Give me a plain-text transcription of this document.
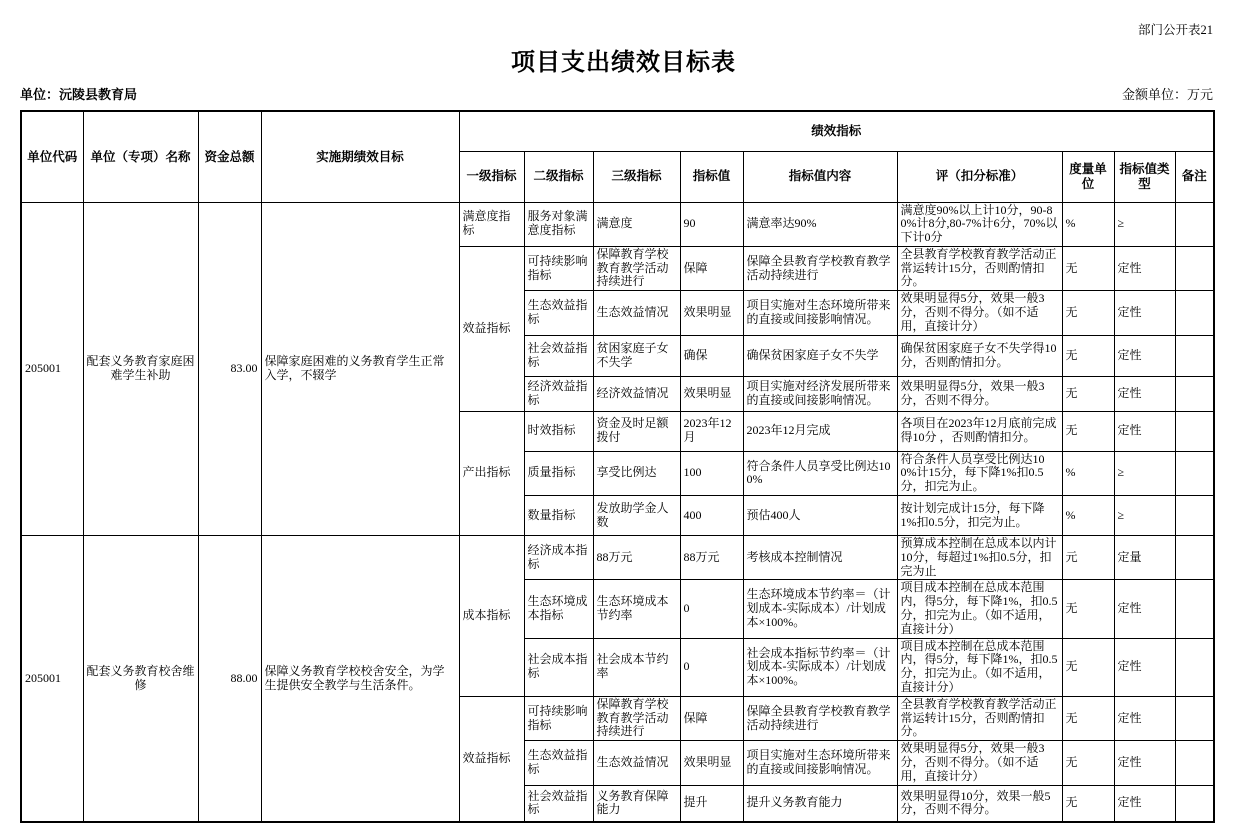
部门公开表21
项目支出绩效目标表
单位：沅陵县教育局	金额单位：万元
单位代码	单位（专项）名称	资金总额	实施期绩效目标	绩效指标								
				一级指标	二级指标	三级指标	指标值	指标值内容	评（扣分标准）	度量单位	指标值类型	备注
205001	配套义务教育家庭困难学生补助	83.00	保障家庭困难的义务教育学生正常入学，不辍学	满意度指标	服务对象满意度指标	满意度	90	满意率达90%	满意度90%以上计10分，90-80%计8分,80-7%计6分，70%以下计0分	%	≥	
				效益指标	可持续影响指标	保障教育学校教育教学活动持续进行	保障	保障全县教育学校教育教学活动持续进行	全县教育学校教育教学活动正常运转计15分，否则酌情扣分。	无	定性	
					生态效益指标	生态效益情况	效果明显	项目实施对生态环境所带来的直接或间接影响情况。	效果明显得5分，效果一般3分，否则不得分。（如不适用，直接计分）	无	定性	
					社会效益指标	贫困家庭子女不失学	确保	确保贫困家庭子女不失学	确保贫困家庭子女不失学得10分，否则酌情扣分。	无	定性	
					经济效益指标	经济效益情况	效果明显	项目实施对经济发展所带来的直接或间接影响情况。	效果明显得5分，效果一般3分，否则不得分。	无	定性	
				产出指标	时效指标	资金及时足额拨付	2023年12月	2023年12月完成	各项目在2023年12月底前完成得10分 ，否则酌情扣分。	无	定性	
					质量指标	享受比例达	100	符合条件人员享受比例达100%	符合条件人员享受比例达100%计15分，每下降1%扣0.5分，扣完为止。	%	≥	
					数量指标	发放助学金人数	400	预估400人	按计划完成计15分，每下降1%扣0.5分，扣完为止。	%	≥	
205001	配套义务教育校舍维修	88.00	保障义务教育学校校舍安全，为学生提供安全教学与生活条件。	成本指标	经济成本指标	88万元	88万元	考核成本控制情况	预算成本控制在总成本以内计10分，每超过1%扣0.5分，扣完为止	元	定量	
					生态环境成本指标	生态环境成本节约率	0	生态环境成本节约率＝（计划成本-实际成本）/计划成本×100%。	项目成本控制在总成本范围内，得5分，每下降1%，扣0.5分，扣完为止。（如不适用，直接计分）	无	定性	
					社会成本指标	社会成本节约率	0	社会成本指标节约率＝（计划成本-实际成本）/计划成本×100%。	项目成本控制在总成本范围内，得5分，每下降1%，扣0.5分，扣完为止。（如不适用，直接计分）	无	定性	
				效益指标	可持续影响指标	保障教育学校教育教学活动持续进行	保障	保障全县教育学校教育教学活动持续进行	全县教育学校教育教学活动正常运转计15分，否则酌情扣分。	无	定性	
					生态效益指标	生态效益情况	效果明显	项目实施对生态环境所带来的直接或间接影响情况。	效果明显得5分，效果一般3分，否则不得分。（如不适用，直接计分）	无	定性	
					社会效益指标	义务教育保障能力	提升	提升义务教育能力	效果明显得10分，效果一般5分，否则不得分。	无	定性	
